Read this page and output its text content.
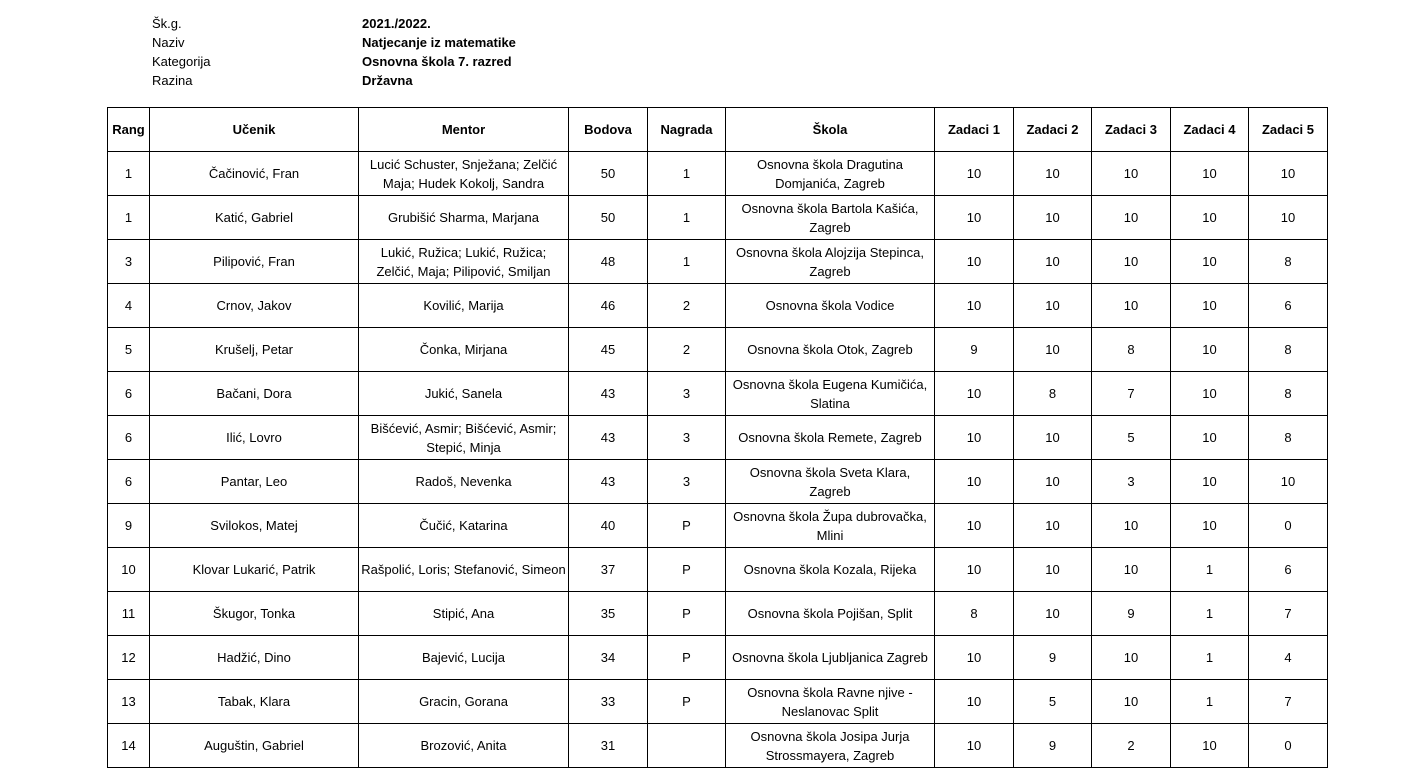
Šk.g.	2021./2022.
Naziv	Natjecanje iz matematike
Kategorija	Osnovna škola 7. razred
Razina	Državna
Rang	Učenik	Mentor	Bodova	Nagrada	Škola	Zadaci 1	Zadaci 2	Zadaci 3	Zadaci 4	Zadaci 5
1	Čačinović, Fran	Lucić Schuster, Snježana; Zelčić Maja; Hudek Kokolj, Sandra	50	1	Osnovna škola Dragutina Domjanića, Zagreb	10	10	10	10	10
1	Katić, Gabriel	Grubišić Sharma, Marjana	50	1	Osnovna škola Bartola Kašića, Zagreb	10	10	10	10	10
3	Pilipović, Fran	Lukić, Ružica; Lukić, Ružica; Zelčić, Maja; Pilipović, Smiljan	48	1	Osnovna škola Alojzija Stepinca, Zagreb	10	10	10	10	8
4	Crnov, Jakov	Kovilić, Marija	46	2	Osnovna škola Vodice	10	10	10	10	6
5	Krušelj, Petar	Čonka, Mirjana	45	2	Osnovna škola Otok, Zagreb	9	10	8	10	8
6	Bačani, Dora	Jukić, Sanela	43	3	Osnovna škola Eugena Kumičića, Slatina	10	8	7	10	8
6	Ilić, Lovro	Bišćević, Asmir; Bišćević, Asmir; Stepić, Minja	43	3	Osnovna škola Remete, Zagreb	10	10	5	10	8
6	Pantar, Leo	Radoš, Nevenka	43	3	Osnovna škola Sveta Klara, Zagreb	10	10	3	10	10
9	Svilokos, Matej	Čučić, Katarina	40	P	Osnovna škola Župa dubrovačka, Mlini	10	10	10	10	0
10	Klovar Lukarić, Patrik	Rašpolić, Loris; Stefanović, Simeon	37	P	Osnovna škola Kozala, Rijeka	10	10	10	1	6
11	Škugor, Tonka	Stipić, Ana	35	P	Osnovna škola Pojišan, Split	8	10	9	1	7
12	Hadžić, Dino	Bajević, Lucija	34	P	Osnovna škola Ljubljanica Zagreb	10	9	10	1	4
13	Tabak, Klara	Gracin, Gorana	33	P	Osnovna škola Ravne njive - Neslanovac Split	10	5	10	1	7
14	Auguštin, Gabriel	Brozović, Anita	31		Osnovna škola Josipa Jurja Strossmayera, Zagreb	10	9	2	10	0
